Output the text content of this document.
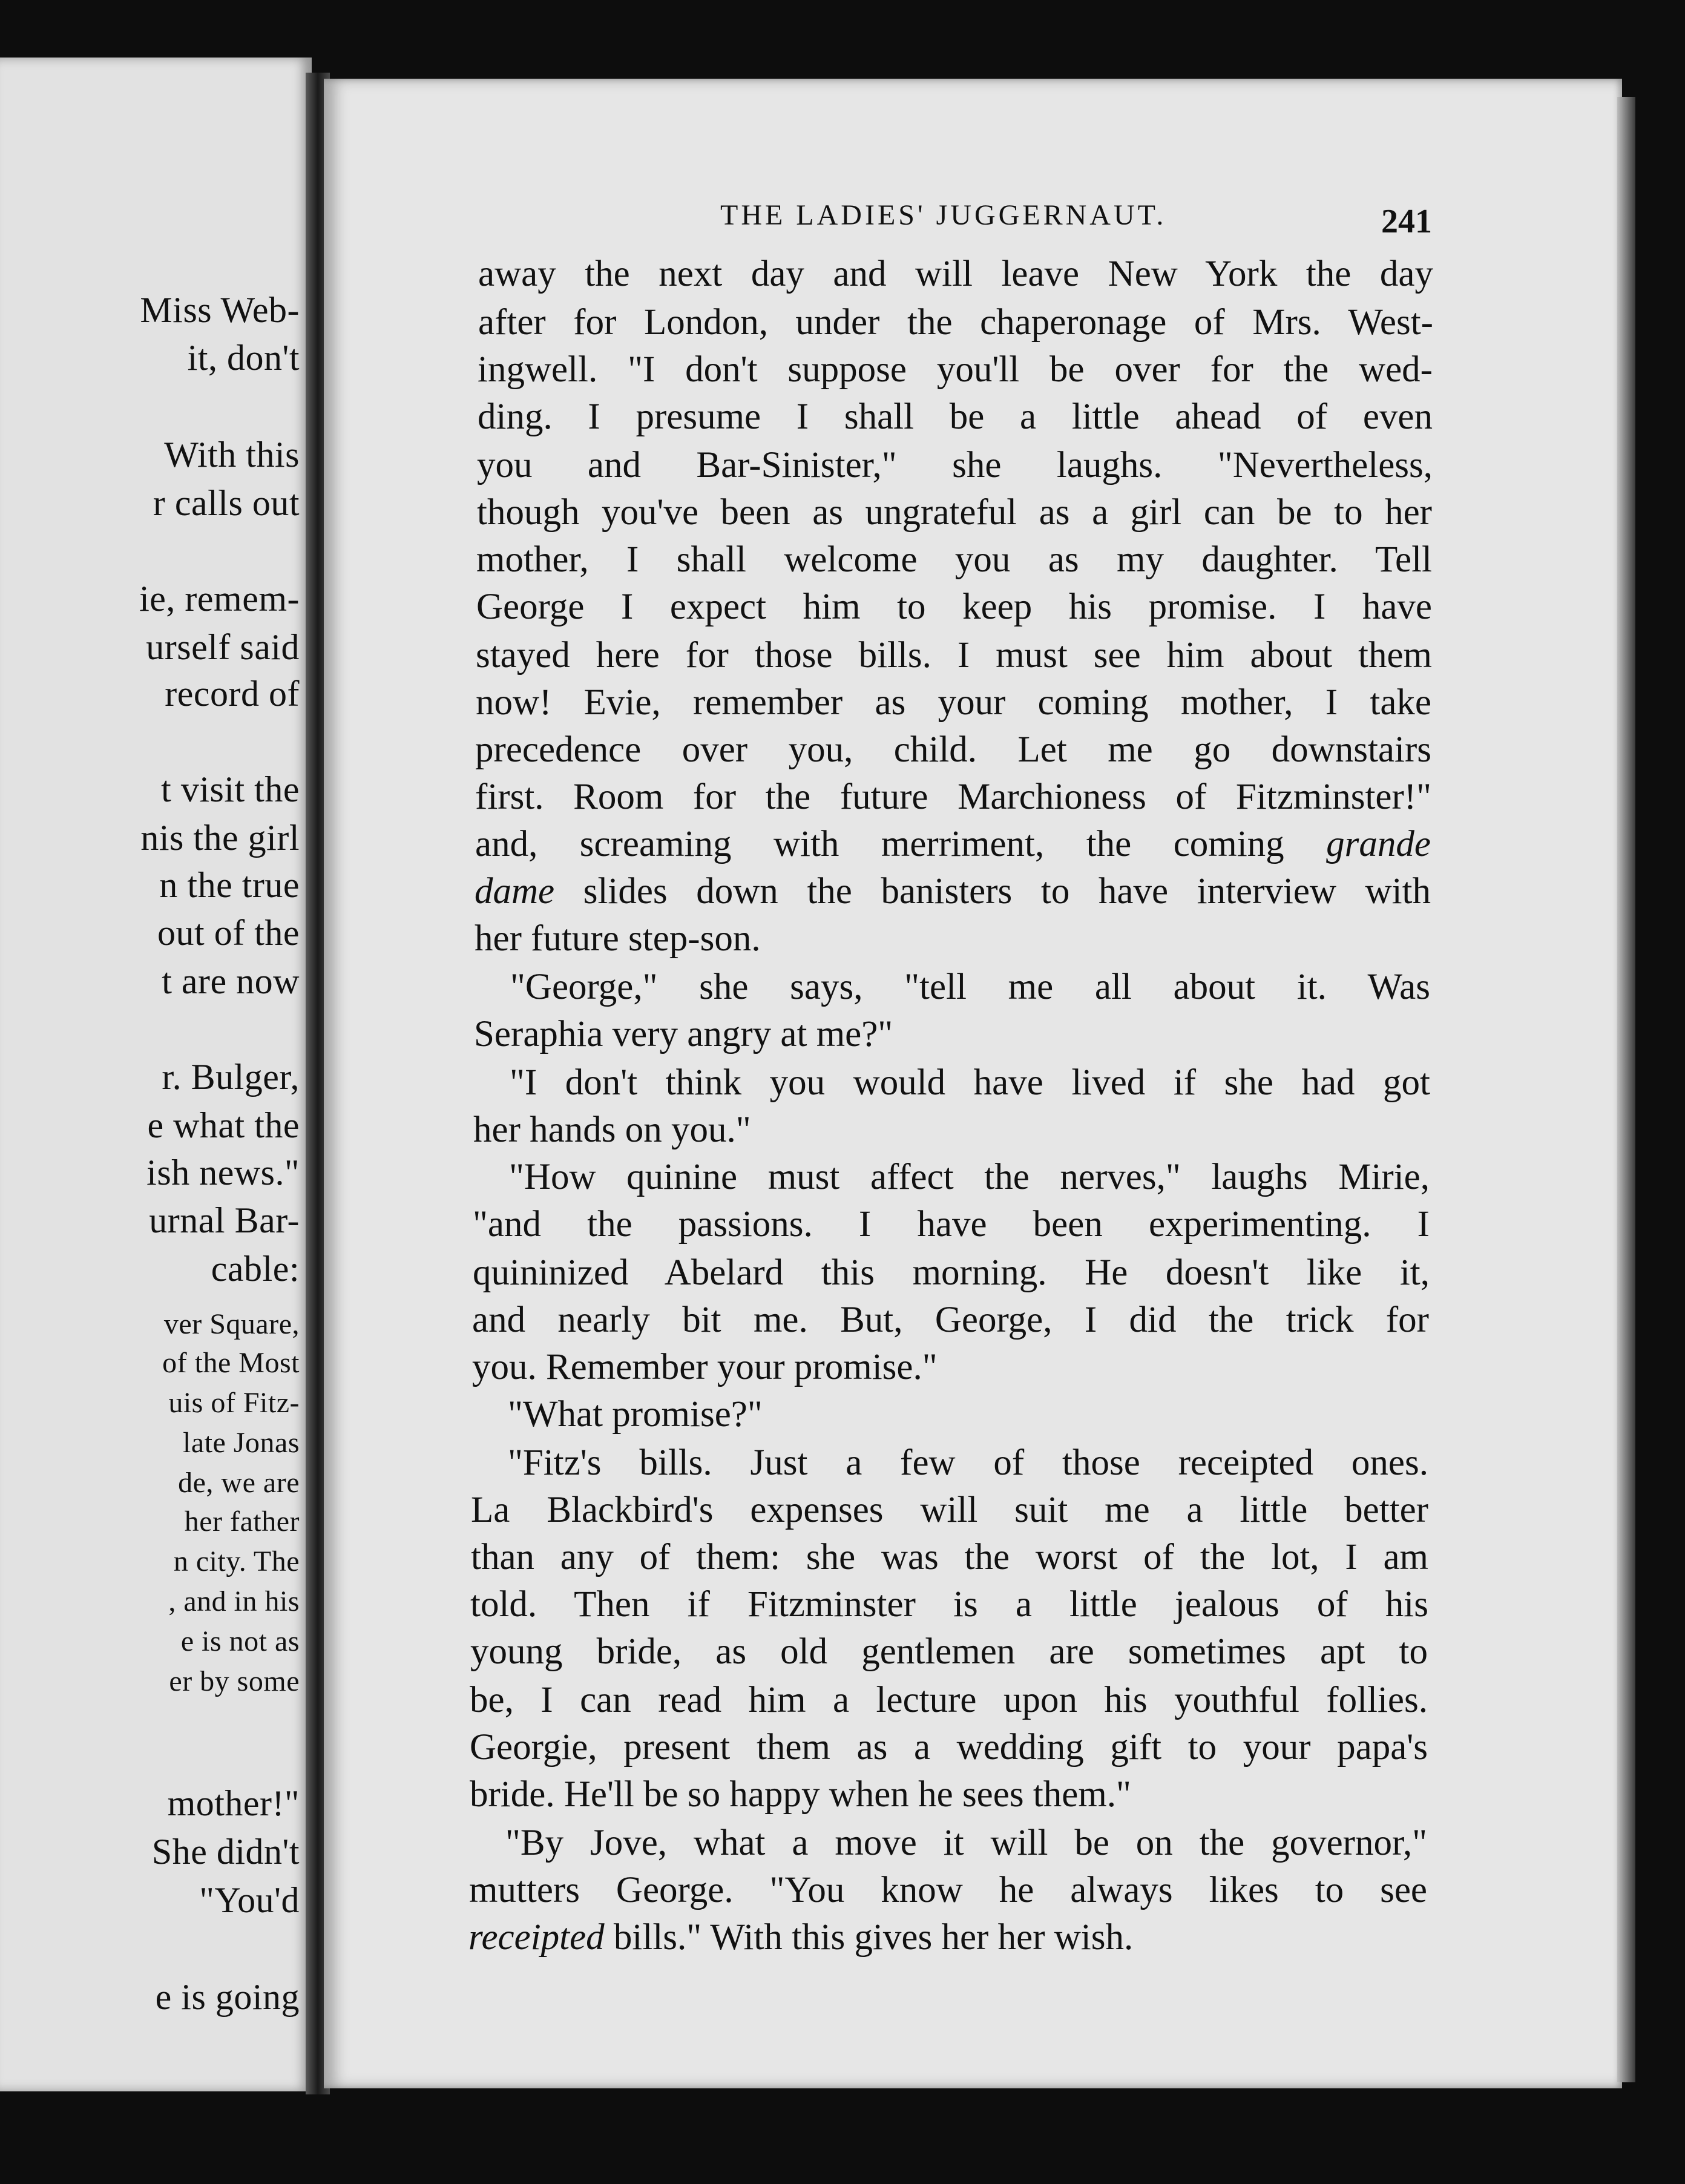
Miss Web-
it, don't
With this
r calls out
ie, remem-
urself said
record of
t visit the
nis the girl
n the true
out of the
t are now
r. Bulger,
e what the
ish news."
urnal Bar-
cable:
ver Square,
of the Most
uis of Fitz-
late Jonas
de, we are
her father
n city. The
, and in his
e is not as
er by some
mother!"
She didn't
"You'd
e is going
THE LADIES' JUGGERNAUT.	241
away the next day and will leave New York the day
after for London, under the chaperonage of Mrs. West-
ingwell. "I don't suppose you'll be over for the wed-
ding. I presume I shall be a little ahead of even
you and Bar-Sinister," she laughs. "Nevertheless,
though you've been as ungrateful as a girl can be to her
mother, I shall welcome you as my daughter. Tell
George I expect him to keep his promise. I have
stayed here for those bills. I must see him about them
now! Evie, remember as your coming mother, I take
precedence over you, child. Let me go downstairs
first. Room for the future Marchioness of Fitzminster!"
and, screaming with merriment, the coming grande
dame slides down the banisters to have interview with
her future step-son.
"George," she says, "tell me all about it. Was
Seraphia very angry at me?"
"I don't think you would have lived if she had got
her hands on you."
"How quinine must affect the nerves," laughs Mirie,
"and the passions. I have been experimenting. I
quininized Abelard this morning. He doesn't like it,
and nearly bit me. But, George, I did the trick for
you. Remember your promise."
"What promise?"
"Fitz's bills. Just a few of those receipted ones.
La Blackbird's expenses will suit me a little better
than any of them: she was the worst of the lot, I am
told. Then if Fitzminster is a little jealous of his
young bride, as old gentlemen are sometimes apt to
be, I can read him a lecture upon his youthful follies.
Georgie, present them as a wedding gift to your papa's
bride. He'll be so happy when he sees them."
"By Jove, what a move it will be on the governor,"
mutters George. "You know he always likes to see
receipted bills." With this gives her her wish.
